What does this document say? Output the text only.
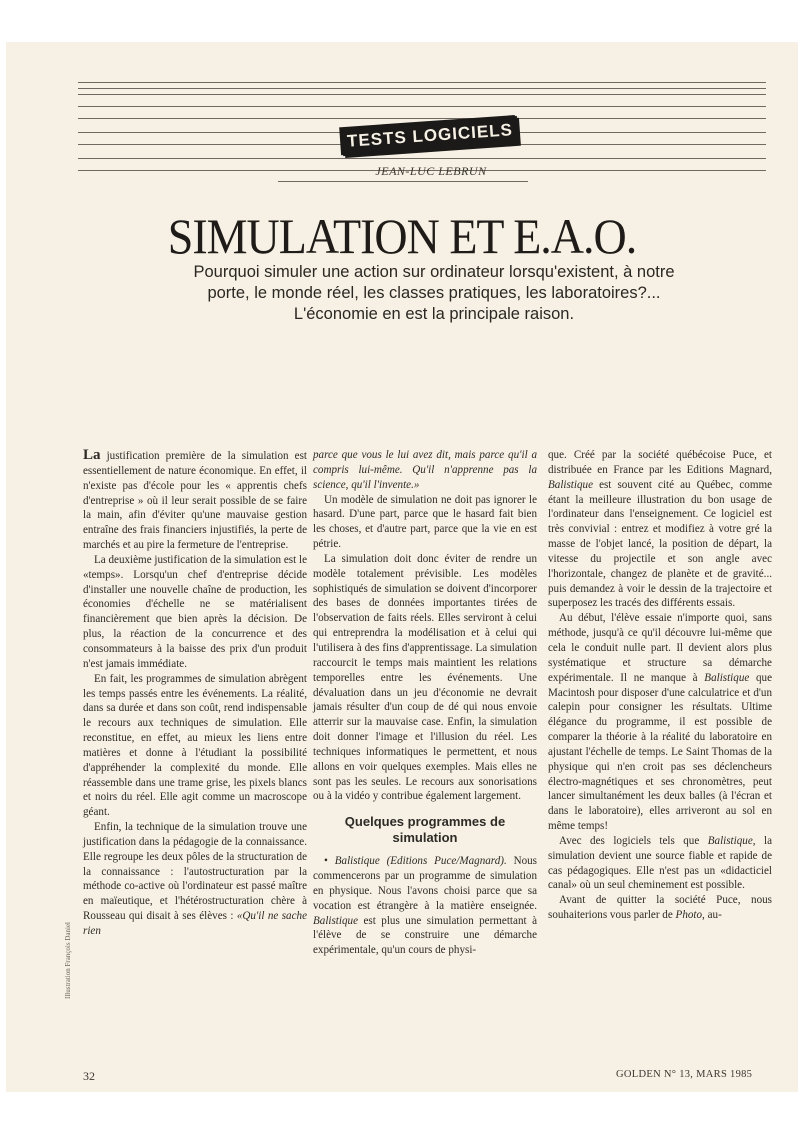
TESTS LOGICIELS
JEAN-LUC LEBRUN
SIMULATION ET E.A.O.

Pourquoi simuler une action sur ordinateur lorsqu'existent, à notre porte, le monde réel, les classes pratiques, les laboratoires?... L'économie en est la principale raison.

La justification première de la simulation est essentiellement de nature économique. En effet, il n'existe pas d'école pour les « apprentis chefs d'entreprise » où il leur serait possible de se faire la main, afin d'éviter qu'une mauvaise gestion entraîne des frais financiers injustifiés, la perte de marchés et au pire la fermeture de l'entreprise.

La deuxième justification de la simulation est le «temps». Lorsqu'un chef d'entreprise décide d'installer une nouvelle chaîne de production, les économies d'échelle ne se matérialisent financièrement que bien après la décision. De plus, la réaction de la concurrence et des consommateurs à la baisse des prix d'un produit n'est jamais immédiate.

En fait, les programmes de simulation abrègent les temps passés entre les événements. La réalité, dans sa durée et dans son coût, rend indispensable le recours aux techniques de simulation. Elle reconstitue, en effet, au mieux les liens entre matières et donne à l'étudiant la possibilité d'appréhender la complexité du monde. Elle réassemble dans une trame grise, les pixels blancs et noirs du réel. Elle agit comme un macroscope géant.

Enfin, la technique de la simulation trouve une justification dans la pédagogie de la connaissance. Elle regroupe les deux pôles de la structuration de la connaissance : l'autostructuration par la méthode co-active où l'ordinateur est passé maître en maïeutique, et l'hétérostructuration chère à Rousseau qui disait à ses élèves : «Qu'il ne sache rien

parce que vous le lui avez dit, mais parce qu'il a compris lui-même. Qu'il n'apprenne pas la science, qu'il l'invente.»

Un modèle de simulation ne doit pas ignorer le hasard. D'une part, parce que le hasard fait bien les choses, et d'autre part, parce que la vie en est pétrie.

La simulation doit donc éviter de rendre un modèle totalement prévisible. Les modèles sophistiqués de simulation se doivent d'incorporer des bases de données importantes tirées de l'observation de faits réels. Elles serviront à celui qui entreprendra la modélisation et à celui qui l'utilisera à des fins d'apprentissage. La simulation raccourcit le temps mais maintient les relations temporelles entre les événements. Une dévaluation dans un jeu d'économie ne devrait jamais résulter d'un coup de dé qui nous envoie atterrir sur la mauvaise case. Enfin, la simulation doit donner l'image et l'illusion du réel. Les techniques informatiques le permettent, et nous allons en voir quelques exemples. Mais elles ne sont pas les seules. Le recours aux sonorisations ou à la vidéo y contribue également largement.

Quelques programmes de simulation

• Balistique (Editions Puce/Magnard). Nous commencerons par un programme de simulation en physique. Nous l'avons choisi parce que sa vocation est étrangère à la matière enseignée. Balistique est plus une simulation permettant à l'élève de se construire une démarche expérimentale, qu'un cours de physi-

que. Créé par la société québécoise Puce, et distribuée en France par les Editions Magnard, Balistique est souvent cité au Québec, comme étant la meilleure illustration du bon usage de l'ordinateur dans l'enseignement. Ce logiciel est très convivial : entrez et modifiez à votre gré la masse de l'objet lancé, la position de départ, la vitesse du projectile et son angle avec l'horizontale, changez de planète et de gravité... puis demandez à voir le dessin de la trajectoire et superposez les tracés des différents essais.

Au début, l'élève essaie n'importe quoi, sans méthode, jusqu'à ce qu'il découvre lui-même que cela le conduit nulle part. Il devient alors plus systématique et structure sa démarche expérimentale. Il ne manque à Balistique que Macintosh pour disposer d'une calculatrice et d'un calepin pour consigner les résultats. Ultime élégance du programme, il est possible de comparer la théorie à la réalité du laboratoire en ajustant l'échelle de temps. Le Saint Thomas de la physique qui n'en croit pas ses déclencheurs électro-magnétiques et ses chronomètres, peut lancer simultanément les deux balles (à l'écran et dans le laboratoire), elles arriveront au sol en même temps!

Avec des logiciels tels que Balistique, la simulation devient une source fiable et rapide de cas pédagogiques. Elle n'est pas un «didacticiel canal» où un seul cheminement est possible.

Avant de quitter la société Puce, nous souhaiterions vous parler de Photo, au-

Illustration François Daniel
32	GOLDEN N° 13, MARS 1985
